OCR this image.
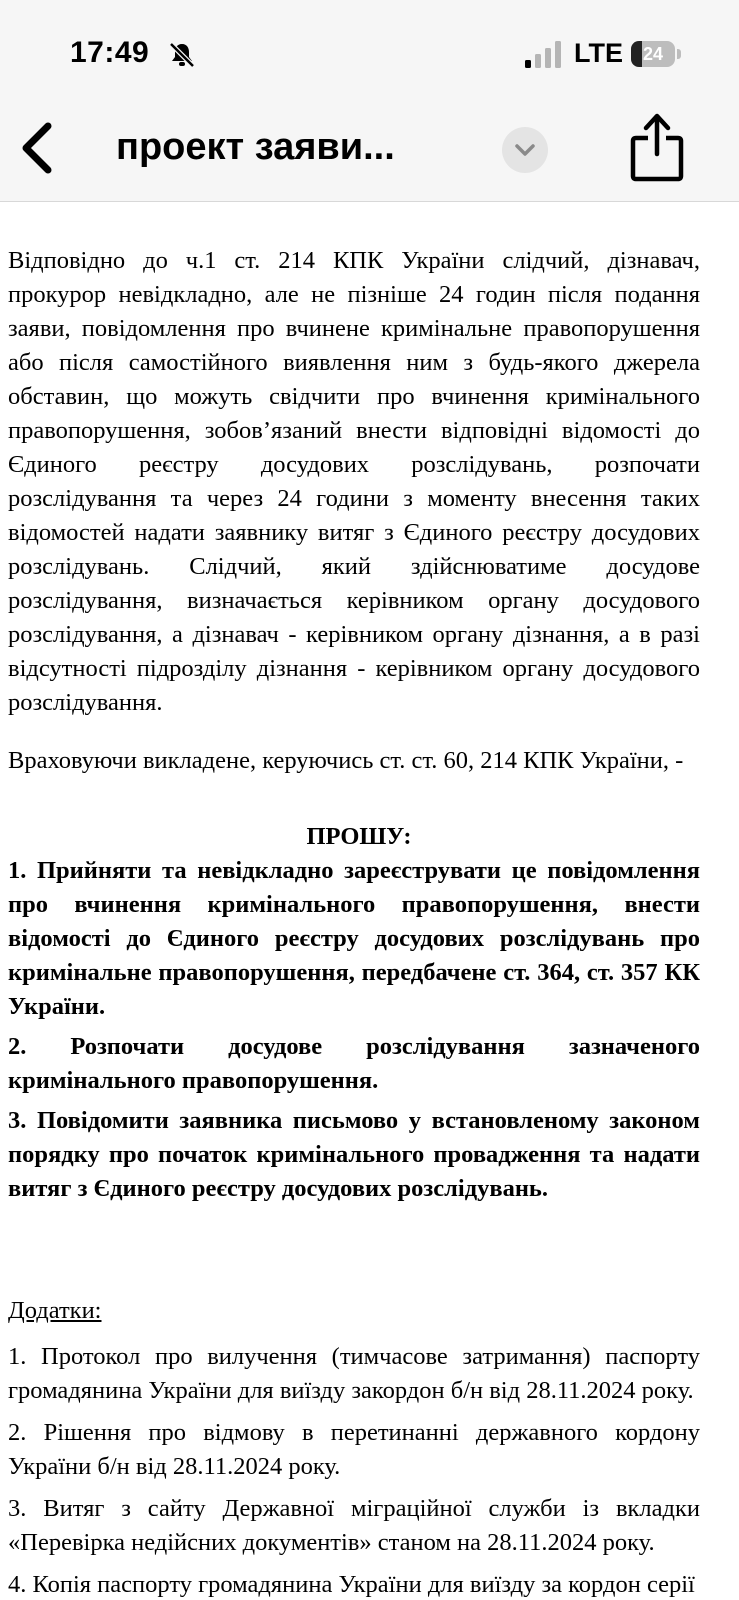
17:49	LTE	24
проект заяви...

Відповідно до ч.1 ст. 214 КПК України слідчий, дізнавач, прокурор невідкладно, але не пізніше 24 годин після подання заяви, повідомлення про вчинене кримінальне правопорушення або після самостійного виявлення ним з будь-якого джерела обставин, що можуть свідчити про вчинення кримінального правопорушення, зобов’язаний внести відповідні відомості до Єдиного реєстру досудових розслідувань, розпочати розслідування та через 24 години з моменту внесення таких відомостей надати заявнику витяг з Єдиного реєстру досудових розслідувань. Слідчий, який здійснюватиме досудове розслідування, визначається керівником органу досудового розслідування, а дізнавач - керівником органу дізнання, а в разі відсутності підрозділу дізнання - керівником органу досудового розслідування.

Враховуючи викладене, керуючись ст. ст. 60, 214 КПК України, -

ПРОШУ:

1. Прийняти та невідкладно зареєструвати це повідомлення про вчинення кримінального правопорушення, внести відомості до Єдиного реєстру досудових розслідувань про кримінальне правопорушення, передбачене ст. 364, ст. 357 КК України.

2. Розпочати досудове розслідування зазначеного кримінального правопорушення.

3. Повідомити заявника письмово у встановленому законом порядку про початок кримінального провадження та надати витяг з Єдиного реєстру досудових розслідувань.

Додатки:

1. Протокол про вилучення (тимчасове затримання) паспорту громадянина України для виїзду закордон б/н від 28.11.2024 року.

2. Рішення про відмову в перетинанні державного кордону України б/н від 28.11.2024 року.

3. Витяг з сайту Державної міграційної служби із вкладки «Перевірка недійсних документів» станом на 28.11.2024 року.

4. Копія паспорту громадянина України для виїзду за кордон серії
